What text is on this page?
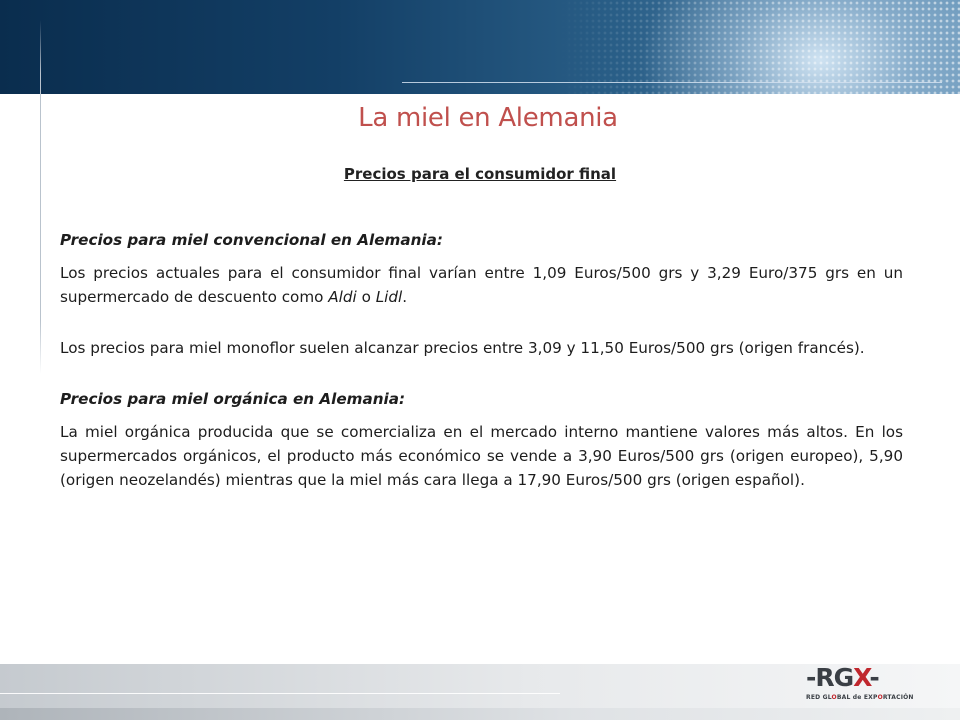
La miel en Alemania
Precios para el consumidor final

Precios para miel convencional en Alemania:

Los precios actuales para el consumidor final varían entre 1,09 Euros/500 grs y 3,29 Euro/375 grs en un supermercado de descuento como Aldi o Lidl.

Los precios para miel monoflor suelen alcanzar precios entre 3,09 y 11,50 Euros/500 grs (origen francés).

Precios para miel orgánica en Alemania:

La miel orgánica producida que se comercializa en el mercado interno mantiene valores más altos. En los supermercados orgánicos, el producto más económico se vende a 3,90 Euros/500 grs (origen europeo), 5,90 (origen neozelandés) mientras que la miel más cara llega a 17,90 Euros/500 grs (origen español).

-RGX-
RED GLOBAL de EXPORTACIÓN
